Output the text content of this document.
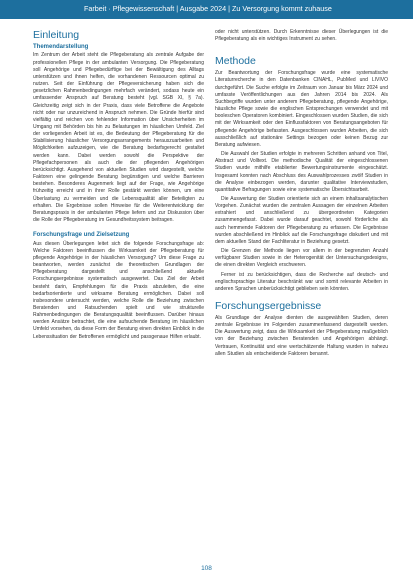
Farbeit · Pflegewissenschaft | Ausgabe 2024 | Zu Versorgung kommt zuhause
Einleitung
Themendarstellung

Im Zentrum der Arbeit steht die Pflegeberatung als zentrale Aufgabe der professionellen Pflege in der ambulanten Versorgung. Die Pflegeberatung soll Angehörige und Pflegebedürftige bei der Bewältigung des Alltags unterstützen und ihnen helfen, die vorhandenen Ressourcen optimal zu nutzen. Seit der Einführung der Pflegeversicherung haben sich die gesetzlichen Rahmenbedingungen mehrfach verändert, sodass heute ein umfassender Anspruch auf Beratung besteht (vgl. SGB XI, § 7a). Gleichzeitig zeigt sich in der Praxis, dass viele Betroffene die Angebote nicht oder nur unzureichend in Anspruch nehmen. Die Gründe hierfür sind vielfältig und reichen von fehlender Information über Unsicherheiten im Umgang mit Behörden bis hin zu Belastungen im häuslichen Umfeld. Ziel der vorliegenden Arbeit ist es, die Bedeutung der Pflegeberatung für die Stabilisierung häuslicher Versorgungsarrangements herauszuarbeiten und Möglichkeiten aufzuzeigen, wie die Beratung bedarfsgerecht gestaltet werden kann. Dabei werden sowohl die Perspektive der Pflegefachpersonen als auch die der pflegenden Angehörigen berücksichtigt. Ausgehend von aktuellen Studien wird dargestellt, welche Faktoren eine gelingende Beratung begünstigen und welche Barrieren bestehen. Besonderes Augenmerk liegt auf der Frage, wie Angehörige frühzeitig erreicht und in ihrer Rolle gestärkt werden können, um eine Überlastung zu vermeiden und die Lebensqualität aller Beteiligten zu erhalten. Die Ergebnisse sollen Hinweise für die Weiterentwicklung der Beratungspraxis in der ambulanten Pflege liefern und zur Diskussion über die Rolle der Pflegeberatung im Gesundheitssystem beitragen.

Forschungsfrage und Zielsetzung

Aus diesen Überlegungen leitet sich die folgende Forschungsfrage ab: Welche Faktoren beeinflussen die Wirksamkeit der Pflegeberatung für pflegende Angehörige in der häuslichen Versorgung? Um diese Frage zu beantworten, werden zunächst die theoretischen Grundlagen der Pflegeberatung dargestellt und anschließend aktuelle Forschungsergebnisse systematisch ausgewertet. Das Ziel der Arbeit besteht darin, Empfehlungen für die Praxis abzuleiten, die eine bedarfsorientierte und wirksame Beratung ermöglichen. Dabei soll insbesondere untersucht werden, welche Rolle die Beziehung zwischen Beratenden und Ratsuchenden spielt und wie strukturelle Rahmenbedingungen die Beratungsqualität beeinflussen. Darüber hinaus werden Ansätze betrachtet, die eine aufsuchende Beratung im häuslichen Umfeld vorsehen, da diese Form der Beratung einen direkten Einblick in die Lebenssituation der Betroffenen ermöglicht und passgenaue Hilfen erlaubt.

oder nicht unterstützen. Durch Erkenntnisse dieser Überlegungen ist die Pflegeberatung als ein wichtiges Instrument zu sehen.

Methode

Zur Beantwortung der Forschungsfrage wurde eine systematische Literaturrecherche in den Datenbanken CINAHL, PubMed und LIVIVO durchgeführt. Die Suche erfolgte im Zeitraum von Januar bis März 2024 und umfasste Veröffentlichungen aus den Jahren 2014 bis 2024. Als Suchbegriffe wurden unter anderem Pflegeberatung, pflegende Angehörige, häusliche Pflege sowie die englischen Entsprechungen verwendet und mit booleschen Operatoren kombiniert. Eingeschlossen wurden Studien, die sich mit der Wirksamkeit oder den Einflussfaktoren von Beratungsangeboten für pflegende Angehörige befassten. Ausgeschlossen wurden Arbeiten, die sich ausschließlich auf stationäre Settings bezogen oder keinen Bezug zur Beratung aufwiesen.

Die Auswahl der Studien erfolgte in mehreren Schritten anhand von Titel, Abstract und Volltext. Die methodische Qualität der eingeschlossenen Studien wurde mithilfe etablierter Bewertungsinstrumente eingeschätzt. Insgesamt konnten nach Abschluss des Auswahlprozesses zwölf Studien in die Analyse einbezogen werden, darunter qualitative Interviewstudien, quantitative Befragungen sowie eine systematische Übersichtsarbeit.

Die Auswertung der Studien orientierte sich an einem inhaltsanalytischen Vorgehen. Zunächst wurden die zentralen Aussagen der einzelnen Arbeiten extrahiert und anschließend zu übergeordneten Kategorien zusammengefasst. Dabei wurde darauf geachtet, sowohl förderliche als auch hemmende Faktoren der Pflegeberatung zu erfassen. Die Ergebnisse wurden abschließend im Hinblick auf die Forschungsfrage diskutiert und mit dem aktuellen Stand der Fachliteratur in Beziehung gesetzt.

Die Grenzen der Methode liegen vor allem in der begrenzten Anzahl verfügbarer Studien sowie in der Heterogenität der Untersuchungsdesigns, die einen direkten Vergleich erschweren.

Ferner ist zu berücksichtigen, dass die Recherche auf deutsch- und englischsprachige Literatur beschränkt war und somit relevante Arbeiten in anderen Sprachen unberücksichtigt geblieben sein könnten.

Forschungsergebnisse

Als Grundlage der Analyse dienten die ausgewählten Studien, deren zentrale Ergebnisse im Folgenden zusammenfassend dargestellt werden. Die Auswertung zeigt, dass die Wirksamkeit der Pflegeberatung maßgeblich von der Beziehung zwischen Beratenden und Angehörigen abhängt. Vertrauen, Kontinuität und eine wertschätzende Haltung wurden in nahezu allen Studien als entscheidende Faktoren benannt.

108
